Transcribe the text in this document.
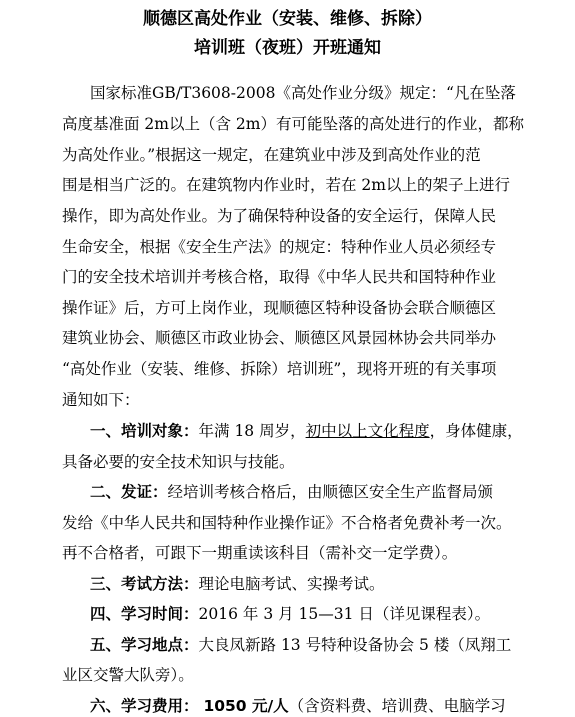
顺德区高处作业（安装、维修、拆除）
培训班（夜班）开班通知
国家标准GB/T3608-2008《高处作业分级》规定：“凡在坠落
高度基准面 2m以上（含 2m）有可能坠落的高处进行的作业，都称
为高处作业。”根据这一规定，在建筑业中涉及到高处作业的范
围是相当广泛的。在建筑物内作业时，若在 2m以上的架子上进行
操作，即为高处作业。为了确保特种设备的安全运行，保障人民
生命安全，根据《安全生产法》的规定：特种作业人员必须经专
门的安全技术培训并考核合格，取得《中华人民共和国特种作业
操作证》后，方可上岗作业，现顺德区特种设备协会联合顺德区
建筑业协会、顺德区市政业协会、顺德区风景园林协会共同举办
“高处作业（安装、维修、拆除）培训班”，现将开班的有关事项
通知如下：
一、培训对象：年满 18 周岁，初中以上文化程度，身体健康，
具备必要的安全技术知识与技能。
二、发证：经培训考核合格后，由顺德区安全生产监督局颁
发给《中华人民共和国特种作业操作证》不合格者免费补考一次。
再不合格者，可跟下一期重读该科目（需补交一定学费）。
三、考试方法：理论电脑考试、实操考试。
四、学习时间：2016 年 3 月 15—31 日（详见课程表）。
五、学习地点：大良凤新路 13 号特种设备协会 5 楼（凤翔工
业区交警大队旁）。
六、学习费用： 1050 元/人（含资料费、培训费、电脑学习
